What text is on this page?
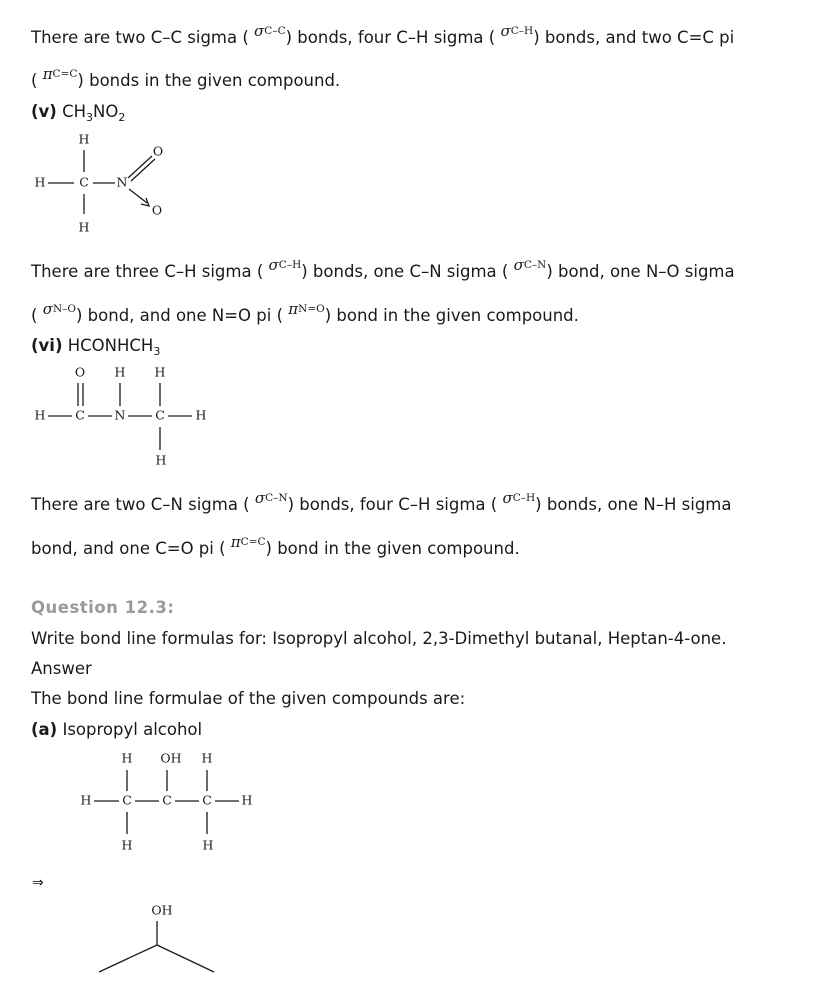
There are two C–C sigma ( σC–C) bonds, four C–H sigma ( σC–H) bonds, and two C=C pi
( πC=C) bonds in the given compound.
(v) $CH_3NO_2$
H
H	C N
H
O
O
There are three C–H sigma ( σC–H) bonds, one C–N sigma ( σC–N) bond, one N–O sigma
( σN–O) bond, and one N=O pi ( πN=O) bond in the given compound.
(vi) $HCONHCH_3$
O H H
H C N C H
H
There are two C–N sigma ( σC–N) bonds, four C–H sigma ( σC–H) bonds, one N–H sigma
bond, and one C=O pi ( πC=C) bond in the given compound.
Question 12.3:
Write bond line formulas for: Isopropyl alcohol, 2,3-Dimethyl butanal, Heptan-4-one.
Answer
The bond line formulae of the given compounds are:
(a) Isopropyl alcohol
H OH H
H C C C H
H	H
⇒
OH
